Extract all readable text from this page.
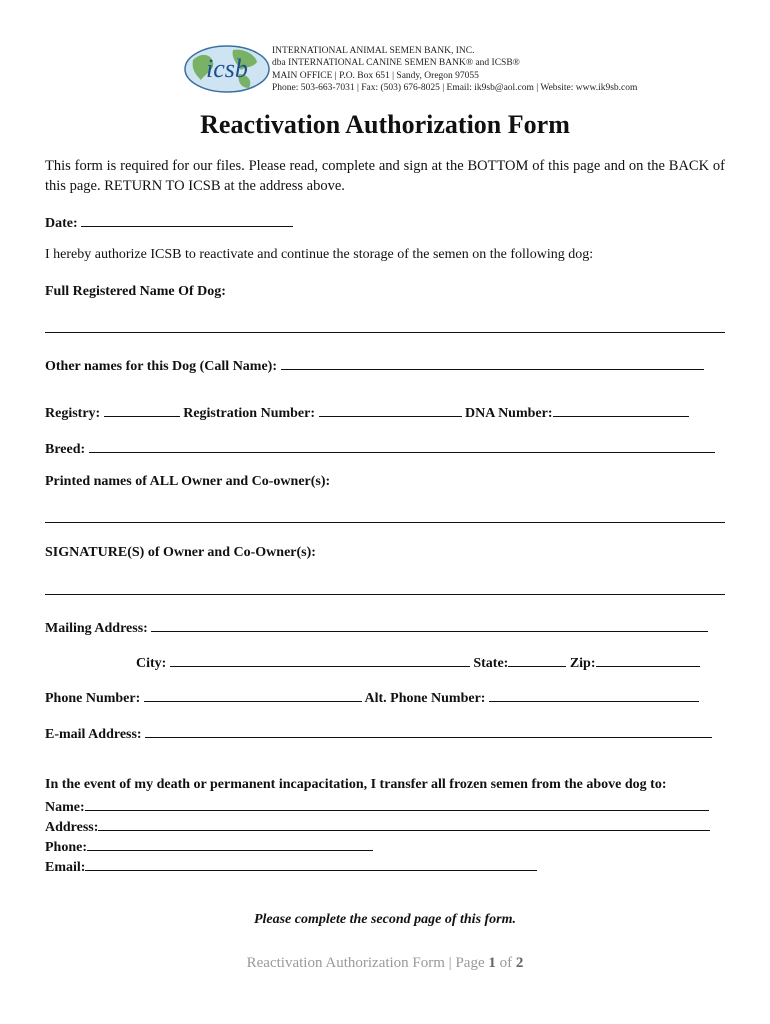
icsb
INTERNATIONAL ANIMAL SEMEN BANK, INC.
dba INTERNATIONAL CANINE SEMEN BANK® and ICSB®
MAIN OFFICE | P.O. Box 651 | Sandy, Oregon 97055
Phone: 503-663-7031 | Fax: (503) 676-8025 | Email: ik9sb@aol.com | Website: www.ik9sb.com
Reactivation Authorization Form
This form is required for our files. Please read, complete and sign at the BOTTOM of this page and on the BACK of this page. RETURN TO ICSB at the address above.
Date:
I hereby authorize ICSB to reactivate and continue the storage of the semen on the following dog:
Full Registered Name Of Dog:
Other names for this Dog (Call Name):
Registry:	Registration Number:	DNA Number:
Breed:
Printed names of ALL Owner and Co-owner(s):
SIGNATURE(S) of Owner and Co-Owner(s):
Mailing Address:
City:	State:	Zip:
Phone Number:	Alt. Phone Number:
E-mail Address:
In the event of my death or permanent incapacitation, I transfer all frozen semen from the above dog to:
Name:
Address:
Phone:
Email:
Please complete the second page of this form.
Reactivation Authorization Form | Page 1 of 2
